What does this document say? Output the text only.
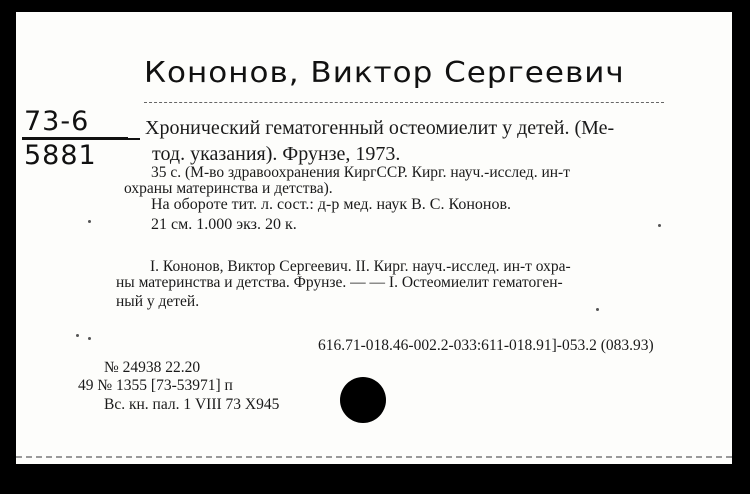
Кононов, Виктор Сергеевич
73-6
5881
Хронический гематогенный остеомиелит у детей. (Ме-
тод. указания). Фрунзе, 1973.
35 с. (М-во здравоохранения КиргССР. Кирг. науч.-исслед. ин-т
охраны материнства и детства).
На обороте тит. л. сост.: д-р мед. наук В. С. Кононов.
21 см. 1.000 экз. 20 к.
I. Кононов, Виктор Сергеевич. II. Кирг. науч.-исслед. ин-т охра-
ны материнства и детства. Фрунзе. — — I. Остеомиелит гематоген-
ный у детей.
616.71-018.46-002.2-033:611-018.91]-053.2 (083.93)
№ 24938 22.20
49 № 1355 [73-53971] п
Вс. кн. пал. 1 VIII 73 Х945
